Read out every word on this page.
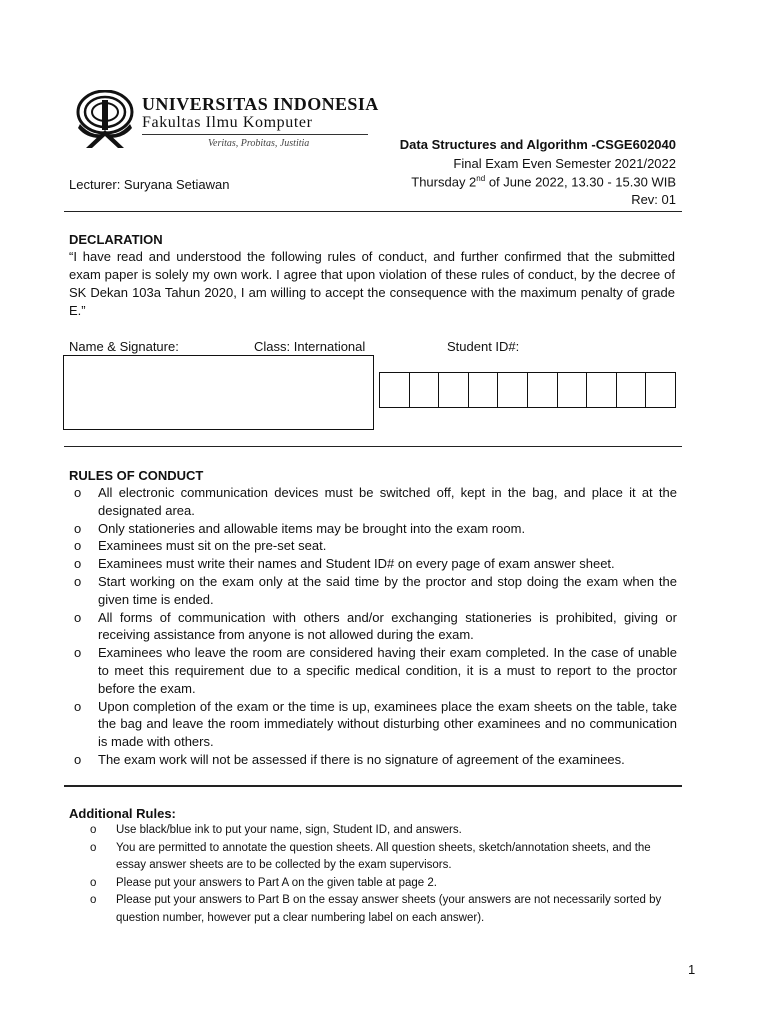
UNIVERSITAS INDONESIA
Fakultas Ilmu Komputer
Veritas, Probitas, Justitia	Data Structures and Algorithm -CSGE602040
Final Exam Even Semester 2021/2022
Thursday 2nd of June 2022, 13.30 - 15.30 WIB
Rev: 01
Lecturer: Suryana Setiawan
DECLARATION
“I have read and understood the following rules of conduct, and further confirmed that the submitted exam paper is solely my own work. I agree that upon violation of these rules of conduct, by the decree of SK Dekan 103a Tahun 2020, I am willing to accept the consequence with the maximum penalty of grade E.”
Name & Signature:	Class: International	Student ID#:
RULES OF CONDUCT
o All electronic communication devices must be switched off, kept in the bag, and place it at the designated area.
o Only stationeries and allowable items may be brought into the exam room.
o Examinees must sit on the pre-set seat.
o Examinees must write their names and Student ID# on every page of exam answer sheet.
o Start working on the exam only at the said time by the proctor and stop doing the exam when the given time is ended.
o All forms of communication with others and/or exchanging stationeries is prohibited, giving or receiving assistance from anyone is not allowed during the exam.
o Examinees who leave the room are considered having their exam completed. In the case of unable to meet this requirement due to a specific medical condition, it is a must to report to the proctor before the exam.
o Upon completion of the exam or the time is up, examinees place the exam sheets on the table, take the bag and leave the room immediately without disturbing other examinees and no communication is made with others.
o The exam work will not be assessed if there is no signature of agreement of the examinees.
Additional Rules:
o Use black/blue ink to put your name, sign, Student ID, and answers.
o You are permitted to annotate the question sheets. All question sheets, sketch/annotation sheets, and the essay answer sheets are to be collected by the exam supervisors.
o Please put your answers to Part A on the given table at page 2.
o Please put your answers to Part B on the essay answer sheets (your answers are not necessarily sorted by question number, however put a clear numbering label on each answer).
1
